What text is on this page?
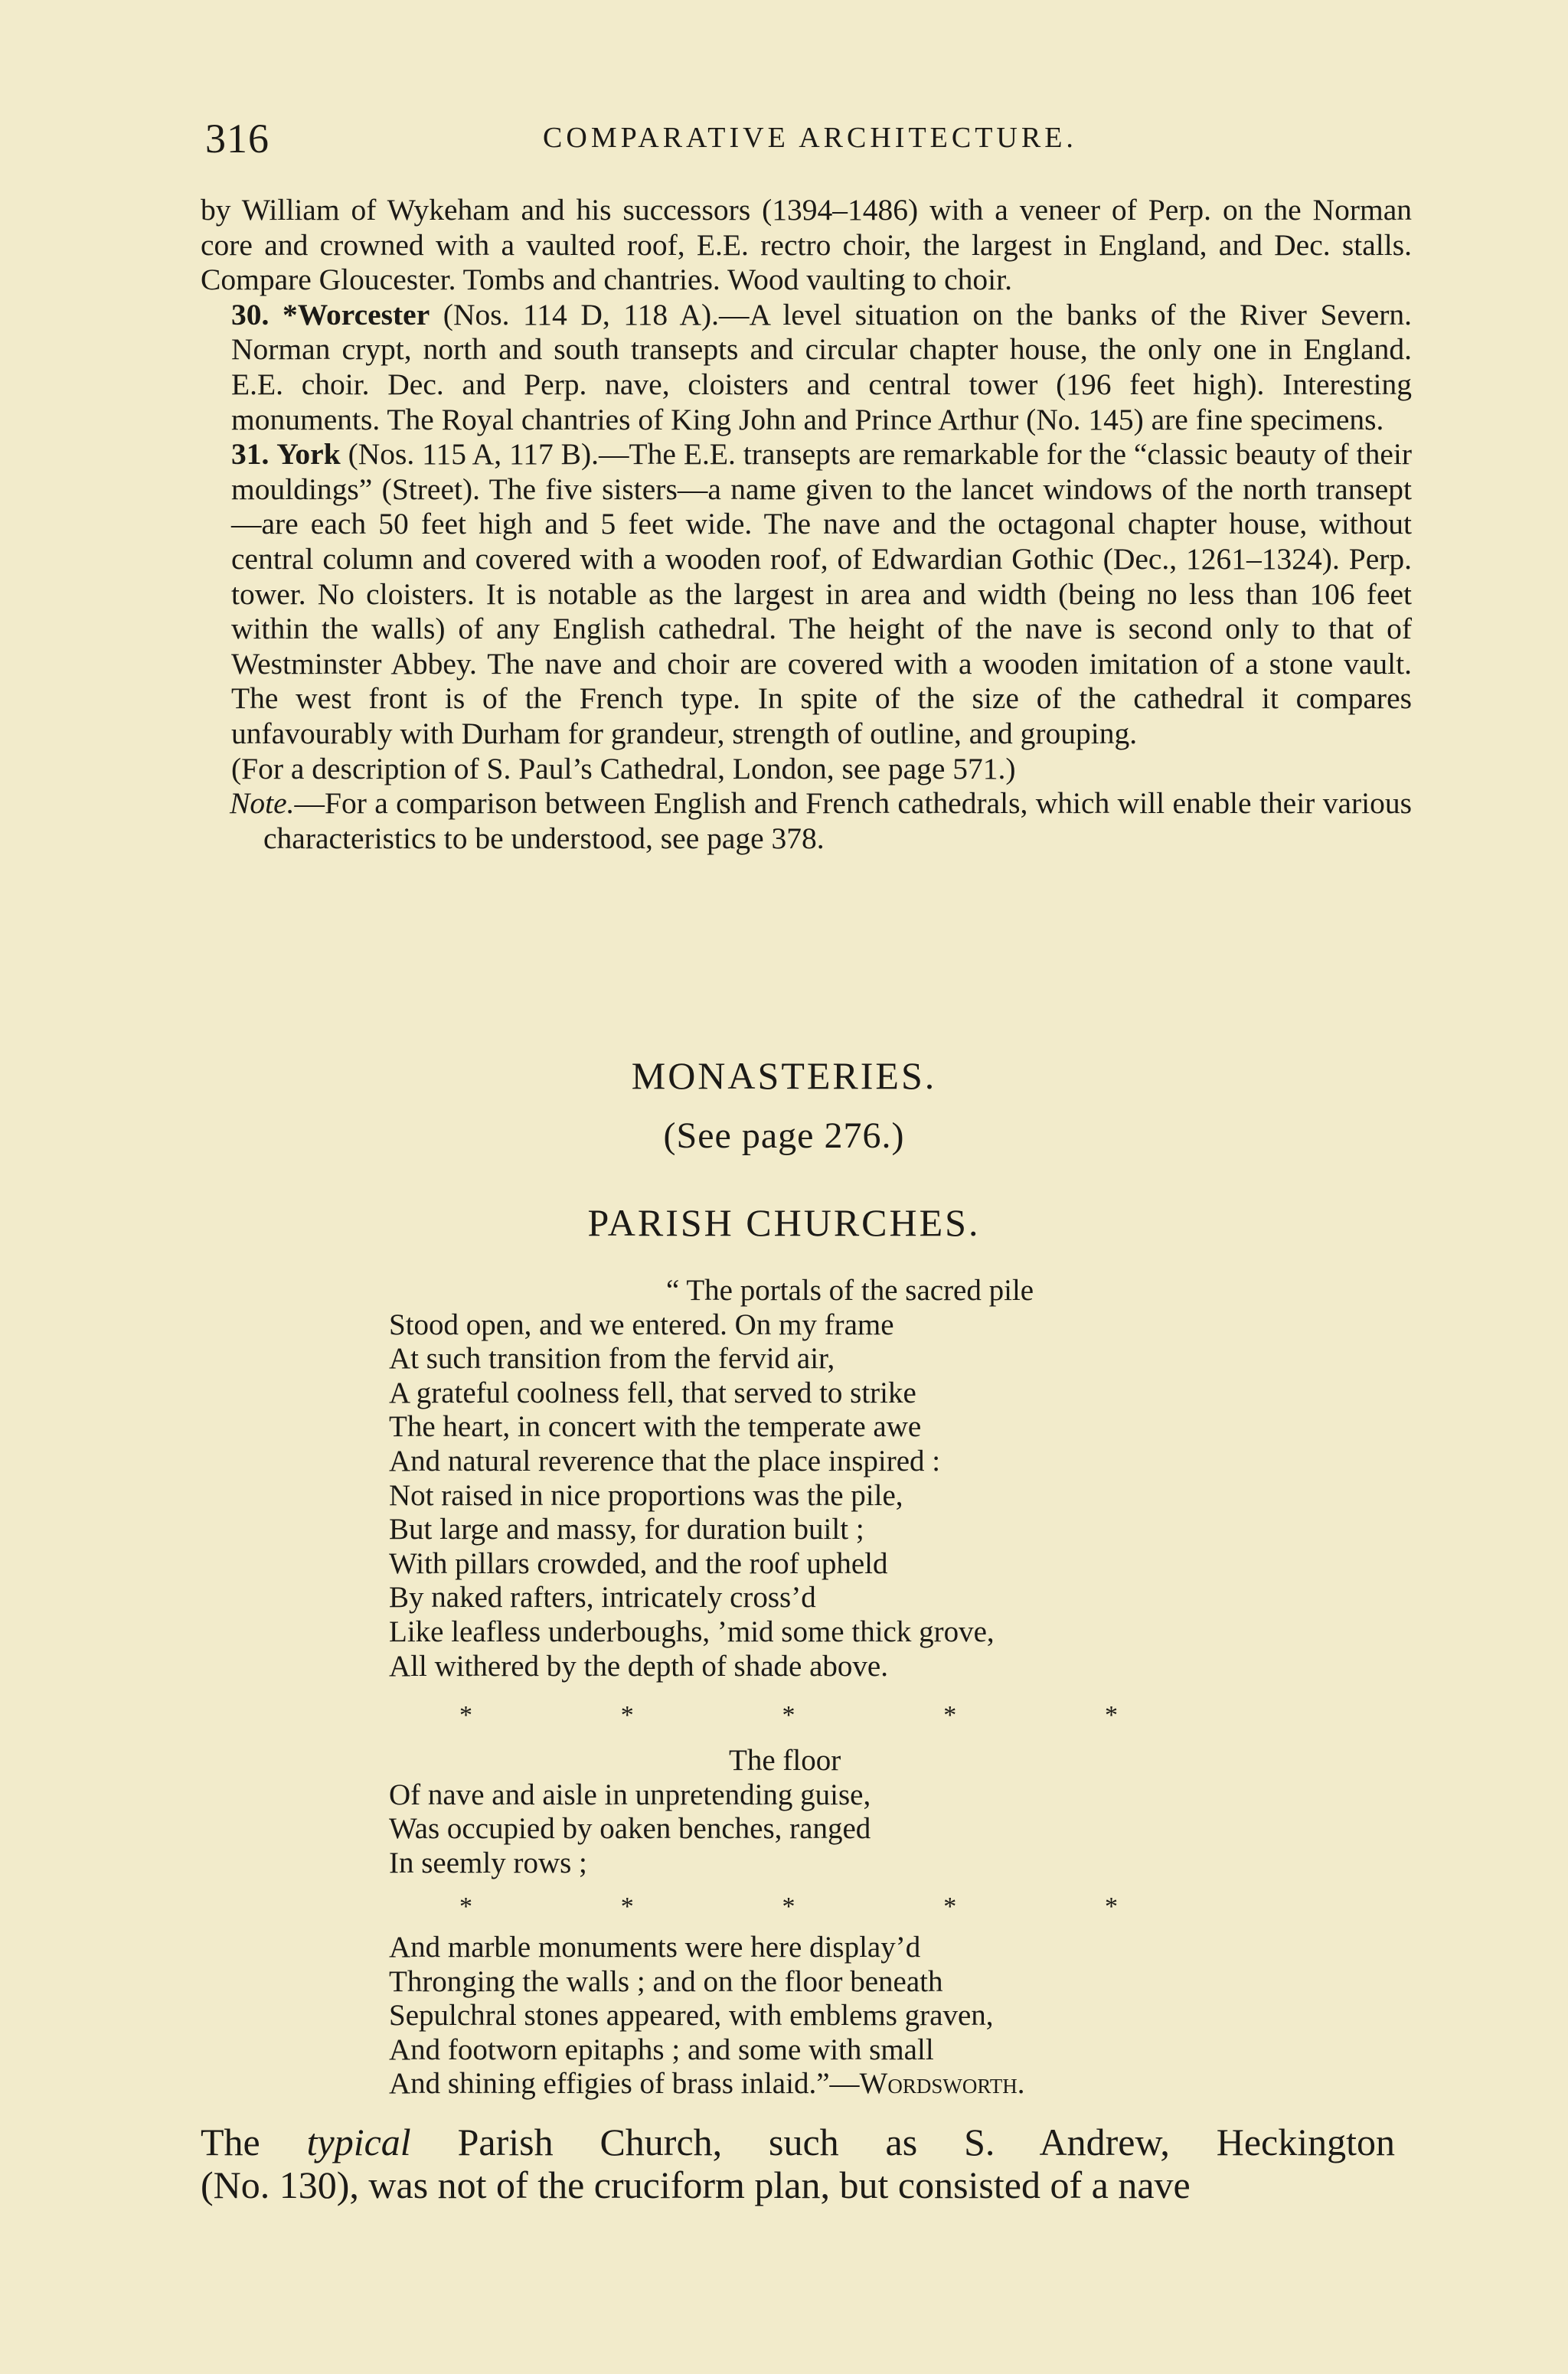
316	COMPARATIVE ARCHITECTURE.

by William of Wykeham and his successors (1394–1486) with a veneer of Perp. on the Norman core and crowned with a vaulted roof, E.E. rectro choir, the largest in England, and Dec. stalls. Compare Gloucester. Tombs and chantries. Wood vaulting to choir.

30. *Worcester (Nos. 114 D, 118 A).—A level situation on the banks of the River Severn. Norman crypt, north and south transepts and circular chapter house, the only one in England. E.E. choir. Dec. and Perp. nave, cloisters and central tower (196 feet high). Interesting monuments. The Royal chantries of King John and Prince Arthur (No. 145) are fine specimens.

31. York (Nos. 115 A, 117 B).—The E.E. transepts are remarkable for the “classic beauty of their mouldings” (Street). The five sisters—a name given to the lancet windows of the north transept—are each 50 feet high and 5 feet wide. The nave and the octagonal chapter house, without central column and covered with a wooden roof, of Edwardian Gothic (Dec., 1261–1324). Perp. tower. No cloisters. It is notable as the largest in area and width (being no less than 106 feet within the walls) of any English cathedral. The height of the nave is second only to that of Westminster Abbey. The nave and choir are covered with a wooden imitation of a stone vault. The west front is of the French type. In spite of the size of the cathedral it compares unfavourably with Durham for grandeur, strength of outline, and grouping.

(For a description of S. Paul’s Cathedral, London, see page 571.)

Note.—For a comparison between English and French cathedrals, which will enable their various characteristics to be understood, see page 378.

MONASTERIES.
(See page 276.)
PARISH CHURCHES.
“ The portals of the sacred pile
Stood open, and we entered. On my frame
At such transition from the fervid air,
A grateful coolness fell, that served to strike
The heart, in concert with the temperate awe
And natural reverence that the place inspired :
Not raised in nice proportions was the pile,
But large and massy, for duration built ;
With pillars crowded, and the roof upheld
By naked rafters, intricately cross’d
Like leafless underboughs, ’mid some thick grove,
All withered by the depth of shade above.
*	*	*	*	*
The floor
Of nave and aisle in unpretending guise,
Was occupied by oaken benches, ranged
In seemly rows ;
*	*	*	*	*
And marble monuments were here display’d
Thronging the walls ; and on the floor beneath
Sepulchral stones appeared, with emblems graven,
And footworn epitaphs ; and some with small
And shining effigies of brass inlaid.”—Wordsworth.
The typical Parish Church, such as S. Andrew, Heckington
(No. 130), was not of the cruciform plan, but consisted of a nave
